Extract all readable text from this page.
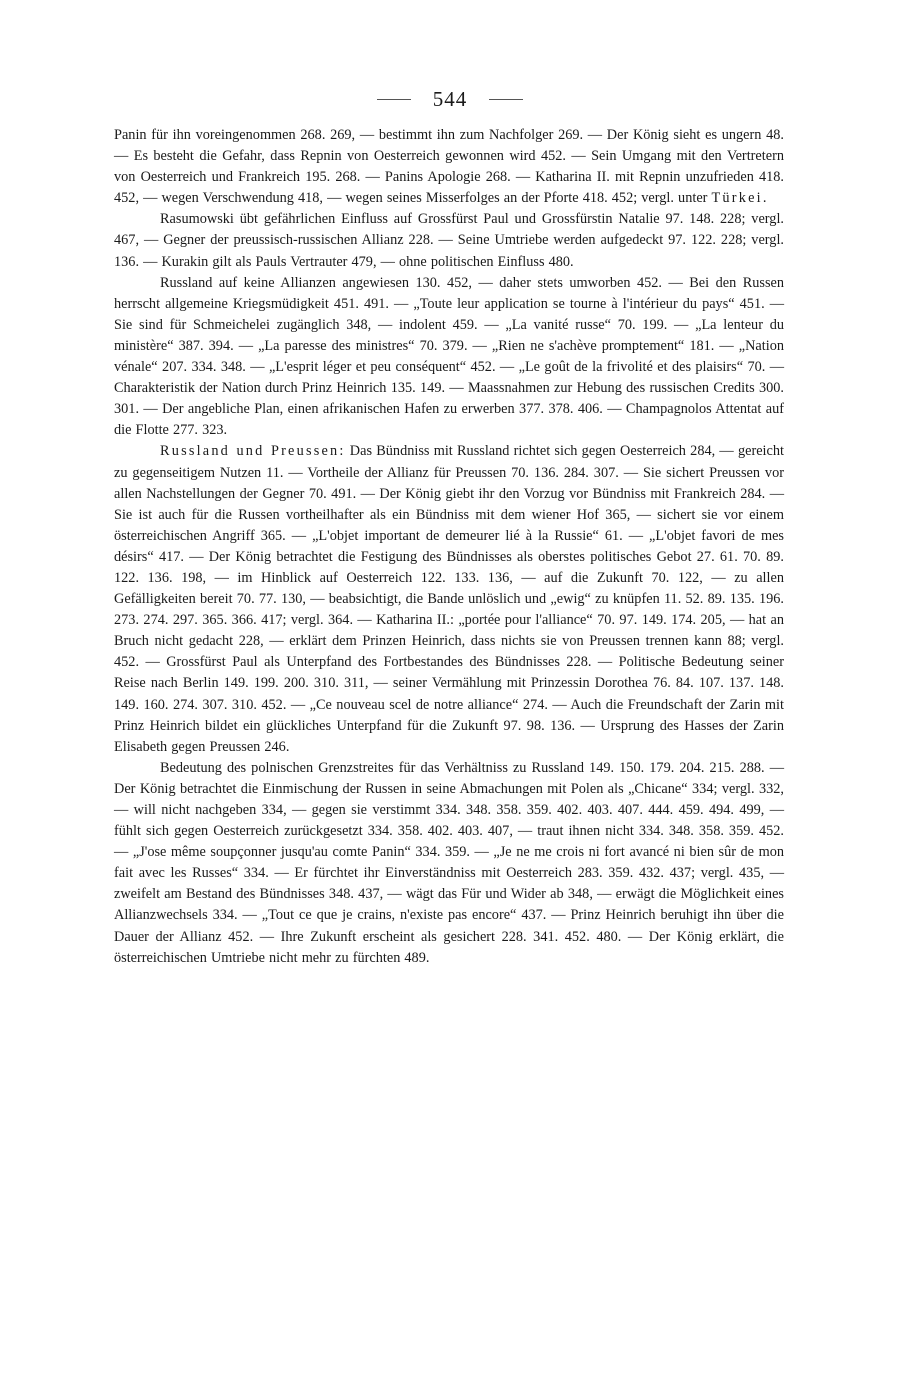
544

Panin für ihn voreingenommen 268. 269, — bestimmt ihn zum Nachfolger 269. — Der König sieht es ungern 48. — Es besteht die Gefahr, dass Repnin von Oesterreich gewonnen wird 452. — Sein Umgang mit den Vertretern von Oesterreich und Frankreich 195. 268. — Panins Apologie 268. — Katharina II. mit Repnin unzufrieden 418. 452, — wegen Verschwendung 418, — wegen seines Misserfolges an der Pforte 418. 452; vergl. unter Türkei.

Rasumowski übt gefährlichen Einfluss auf Grossfürst Paul und Grossfürstin Natalie 97. 148. 228; vergl. 467, — Gegner der preussisch-russischen Allianz 228. — Seine Umtriebe werden aufgedeckt 97. 122. 228; vergl. 136. — Kurakin gilt als Pauls Vertrauter 479, — ohne politischen Einfluss 480.

Russland auf keine Allianzen angewiesen 130. 452, — daher stets umworben 452. — Bei den Russen herrscht allgemeine Kriegsmüdigkeit 451. 491. — „Toute leur application se tourne à l'intérieur du pays“ 451. — Sie sind für Schmeichelei zugänglich 348, — indolent 459. — „La vanité russe“ 70. 199. — „La lenteur du ministère“ 387. 394. — „La paresse des ministres“ 70. 379. — „Rien ne s'achève promptement“ 181. — „Nation vénale“ 207. 334. 348. — „L'esprit léger et peu conséquent“ 452. — „Le goût de la frivolité et des plaisirs“ 70. — Charakteristik der Nation durch Prinz Heinrich 135. 149. — Maassnahmen zur Hebung des russischen Credits 300. 301. — Der angebliche Plan, einen afrikanischen Hafen zu erwerben 377. 378. 406. — Champagnolos Attentat auf die Flotte 277. 323.

Russland und Preussen: Das Bündniss mit Russland richtet sich gegen Oesterreich 284, — gereicht zu gegenseitigem Nutzen 11. — Vortheile der Allianz für Preussen 70. 136. 284. 307. — Sie sichert Preussen vor allen Nachstellungen der Gegner 70. 491. — Der König giebt ihr den Vorzug vor Bündniss mit Frankreich 284. — Sie ist auch für die Russen vortheilhafter als ein Bündniss mit dem wiener Hof 365, — sichert sie vor einem österreichischen Angriff 365. — „L'objet important de demeurer lié à la Russie“ 61. — „L'objet favori de mes désirs“ 417. — Der König betrachtet die Festigung des Bündnisses als oberstes politisches Gebot 27. 61. 70. 89. 122. 136. 198, — im Hinblick auf Oesterreich 122. 133. 136, — auf die Zukunft 70. 122, — zu allen Gefälligkeiten bereit 70. 77. 130, — beabsichtigt, die Bande unlöslich und „ewig“ zu knüpfen 11. 52. 89. 135. 196. 273. 274. 297. 365. 366. 417; vergl. 364. — Katharina II.: „portée pour l'alliance“ 70. 97. 149. 174. 205, — hat an Bruch nicht gedacht 228, — erklärt dem Prinzen Heinrich, dass nichts sie von Preussen trennen kann 88; vergl. 452. — Grossfürst Paul als Unterpfand des Fortbestandes des Bündnisses 228. — Politische Bedeutung seiner Reise nach Berlin 149. 199. 200. 310. 311, — seiner Vermählung mit Prinzessin Dorothea 76. 84. 107. 137. 148. 149. 160. 274. 307. 310. 452. — „Ce nouveau scel de notre alliance“ 274. — Auch die Freundschaft der Zarin mit Prinz Heinrich bildet ein glückliches Unterpfand für die Zukunft 97. 98. 136. — Ursprung des Hasses der Zarin Elisabeth gegen Preussen 246.

Bedeutung des polnischen Grenzstreites für das Verhältniss zu Russland 149. 150. 179. 204. 215. 288. — Der König betrachtet die Einmischung der Russen in seine Abmachungen mit Polen als „Chicane“ 334; vergl. 332, — will nicht nachgeben 334, — gegen sie verstimmt 334. 348. 358. 359. 402. 403. 407. 444. 459. 494. 499, — fühlt sich gegen Oesterreich zurückgesetzt 334. 358. 402. 403. 407, — traut ihnen nicht 334. 348. 358. 359. 452. — „J'ose même soupçonner jusqu'au comte Panin“ 334. 359. — „Je ne me crois ni fort avancé ni bien sûr de mon fait avec les Russes“ 334. — Er fürchtet ihr Einverständniss mit Oesterreich 283. 359. 432. 437; vergl. 435, — zweifelt am Bestand des Bündnisses 348. 437, — wägt das Für und Wider ab 348, — erwägt die Möglichkeit eines Allianzwechsels 334. — „Tout ce que je crains, n'existe pas encore“ 437. — Prinz Heinrich beruhigt ihn über die Dauer der Allianz 452. — Ihre Zukunft erscheint als gesichert 228. 341. 452. 480. — Der König erklärt, die österreichischen Umtriebe nicht mehr zu fürchten 489.
